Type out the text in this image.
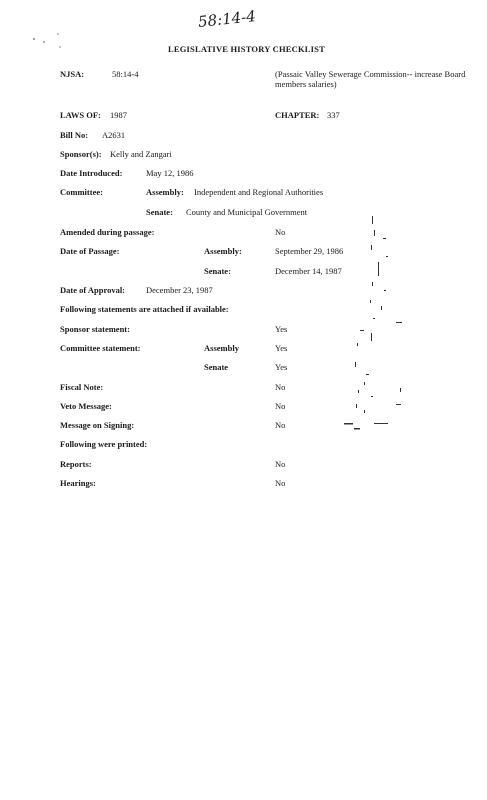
58:14-4
LEGISLATIVE HISTORY CHECKLIST
NJSA:	58:14-4	(Passaic Valley Sewerage Commission-- increase Board members salaries)
LAWS OF: 1987	CHAPTER: 337
Bill No: A2631
Sponsor(s): Kelly and Zangari
Date Introduced:	May 12, 1986
Committee:	Assembly: Independent and Regional Authorities
Senate: County and Municipal Government
Amended during passage:	No
Date of Passage:	Assembly:	September 29, 1986
Senate:	December 14, 1987
Date of Approval: December 23, 1987
Following statements are attached if available:
Sponsor statement:	Yes
Committee statement:	Assembly	Yes
Senate	Yes
Fiscal Note:	No
Veto Message:	No
Message on Signing:	No
Following were printed:
Reports:	No
Hearings:	No
